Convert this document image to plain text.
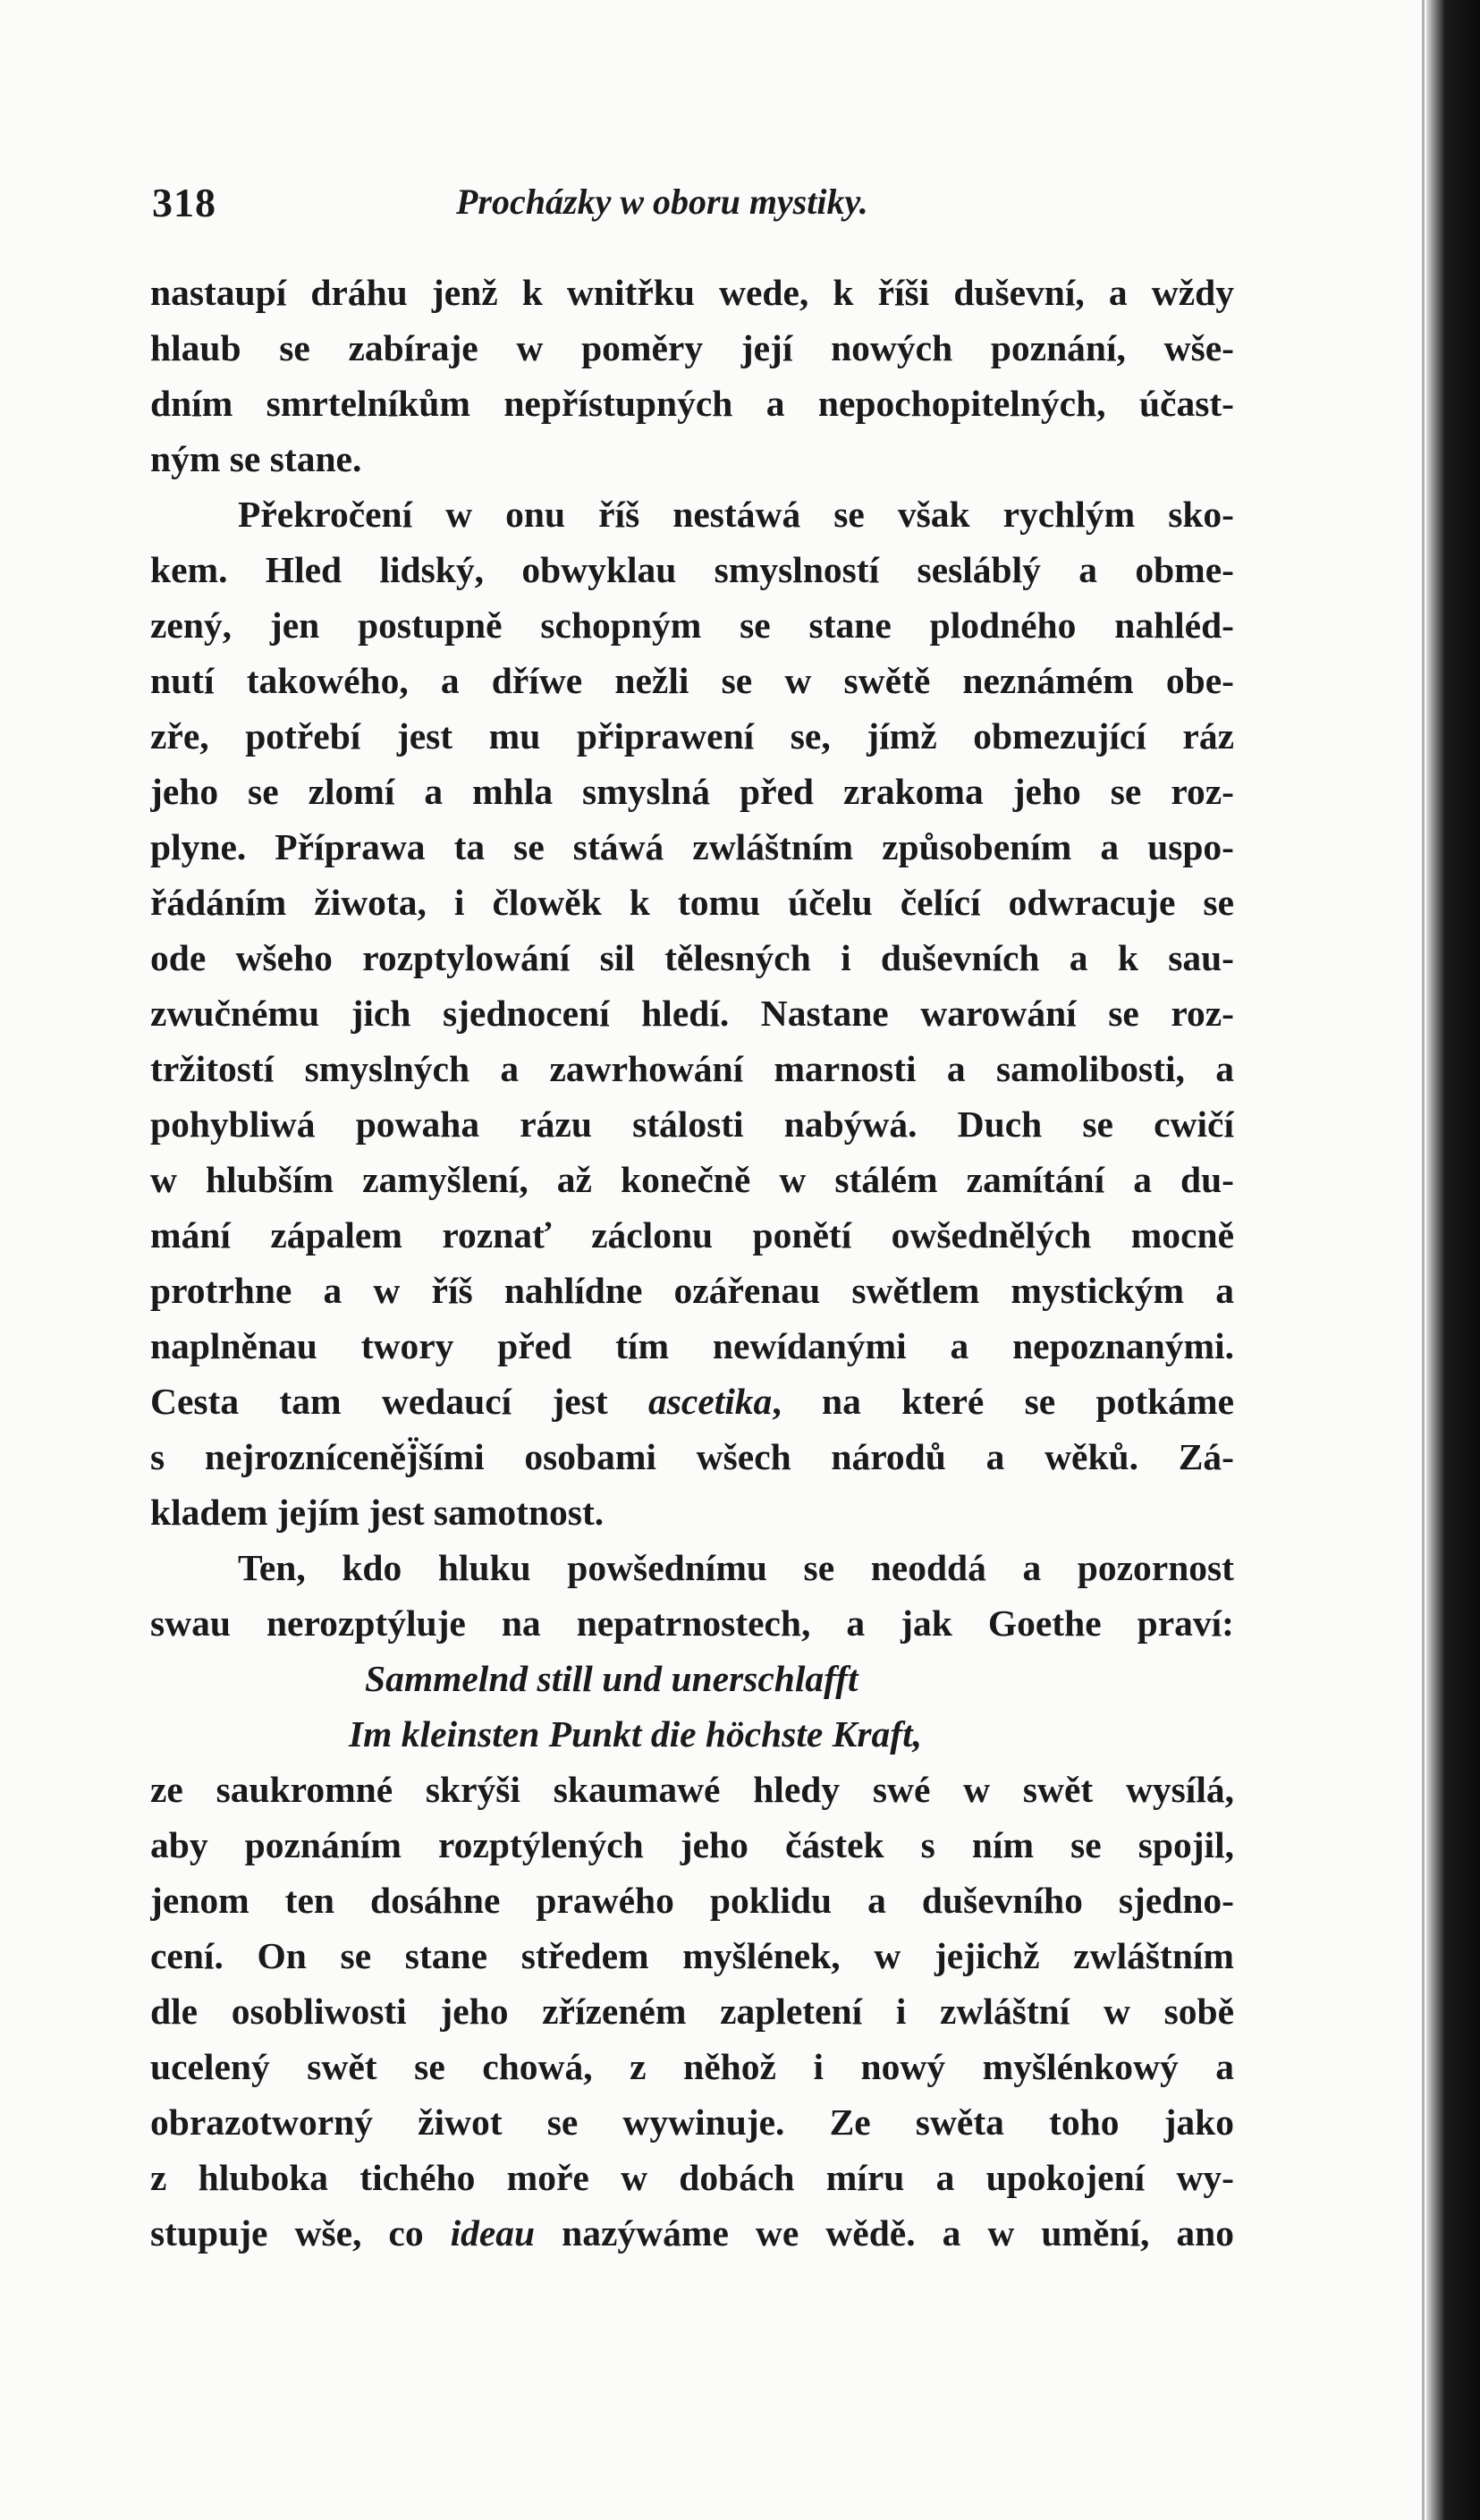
318	Procházky w oboru mystiky.
nastaupí dráhu jenž k wnitřku wede, k říši duševní, a wždy
hlaub se zabíraje w poměry její nowých poznání, wše-
dním smrtelníkům nepřístupných a nepochopitelných, účast-
ným se stane.
Překročení w onu říš nestáwá se však rychlým sko-
kem. Hled lidský, obwyklau smyslností sesláblý a obme-
zený, jen postupně schopným se stane plodného nahléd-
nutí takowého, a dříwe nežli se w swětě neznámém obe-
zře, potřebí jest mu připrawení se, jímž obmezující ráz
jeho se zlomí a mhla smyslná před zrakoma jeho se roz-
plyne. Příprawa ta se stáwá zwláštním způsobením a uspo-
řádáním žiwota, i člowěk k tomu účelu čelící odwracuje se
ode wšeho rozptylowání sil tělesných i duševních a k sau-
zwučnému jich sjednocení hledí. Nastane warowání se roz-
tržitostí smyslných a zawrhowání marnosti a samolibosti, a
pohybliwá powaha rázu stálosti nabýwá. Duch se cwičí
w hlubším zamyšlení, až konečně w stálém zamítání a du-
mání zápalem roznať záclonu ponětí owšednělých mocně
protrhne a w říš nahlídne ozářenau swětlem mystickým a
naplněnau twory před tím newídanými a nepoznanými.
Cesta tam wedaucí jest ascetika, na které se potkáme
s nejrozníceněj̈šími osobami wšech národů a wěků. Zá-
kladem jejím jest samotnost.
Ten, kdo hluku powšednímu se neoddá a pozornost
swau nerozptýluje na nepatrnostech, a jak Goethe praví:
Sammelnd still und unerschlafft
Im kleinsten Punkt die höchste Kraft,
ze saukromné skrýši skaumawé hledy swé w swět wysílá,
aby poznáním rozptýlených jeho částek s ním se spojil,
jenom ten dosáhne prawého poklidu a duševního sjedno-
cení. On se stane středem myšlének, w jejichž zwláštním
dle osobliwosti jeho zřízeném zapletení i zwláštní w sobě
ucelený swět se chowá, z něhož i nowý myšlénkowý a
obrazotworný žiwot se wywinuje. Ze swěta toho jako
z hluboka tichého moře w dobách míru a upokojení wy-
stupuje wše, co ideau nazýwáme we wědě. a w umění, ano
